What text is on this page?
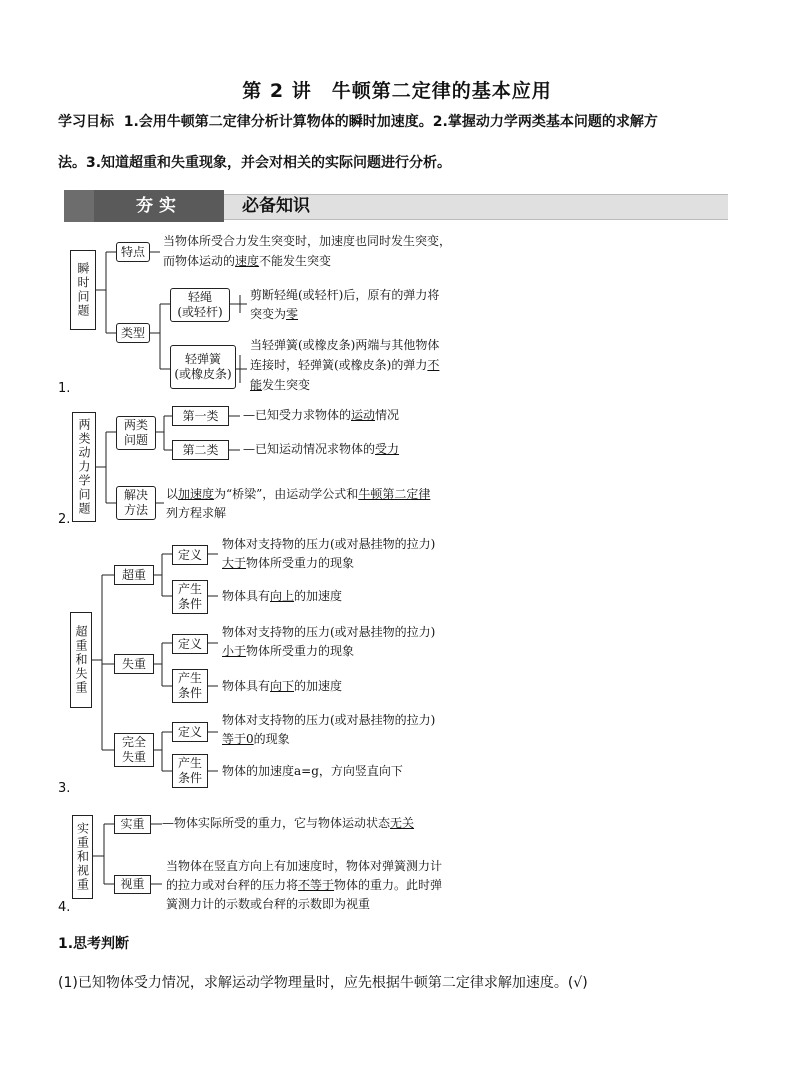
第 2 讲　牛顿第二定律的基本应用
学习目标 1.会用牛顿第二定律分析计算物体的瞬时加速度。2.掌握动力学两类基本问题的求解方
法。3.知道超重和失重现象，并会对相关的实际问题进行分析。
夯实	必备知识
瞬时问题
特点
当物体所受合力发生突变时，加速度也同时发生突变，
而物体运动的速度不能发生突变
类型
轻绳
(或轻杆)
剪断轻绳(或轻杆)后，原有的弹力将
突变为零
轻弹簧
(或橡皮条)
当轻弹簧(或橡皮条)两端与其他物体
连接时，轻弹簧(或橡皮条)的弹力不
能发生突变
1.
两类动力学问题	两类问题
第一类	—已知受力求物体的运动情况
第二类	—已知运动情况求物体的受力
解决方法
以加速度为“桥梁”，由运动学公式和牛顿第二定律
列方程求解
2.
超重和失重
超重
失重
完全失重
定义
产生条件
物体对支持物的压力(或对悬挂物的拉力)
大于物体所受重力的现象
物体具有向上的加速度
定义
产生条件
物体对支持物的压力(或对悬挂物的拉力)
小于物体所受重力的现象
物体具有向下的加速度
定义
产生条件
物体对支持物的压力(或对悬挂物的拉力)
等于0的现象
物体的加速度a=g，方向竖直向下
3.
实重和视重	实重	—物体实际所受的重力，它与物体运动状态无关
视重
当物体在竖直方向上有加速度时，物体对弹簧测力计
的拉力或对台秤的压力将不等于物体的重力。此时弹
簧测力计的示数或台秤的示数即为视重
4.
1.思考判断
(1)已知物体受力情况，求解运动学物理量时，应先根据牛顿第二定律求解加速度。(√)
